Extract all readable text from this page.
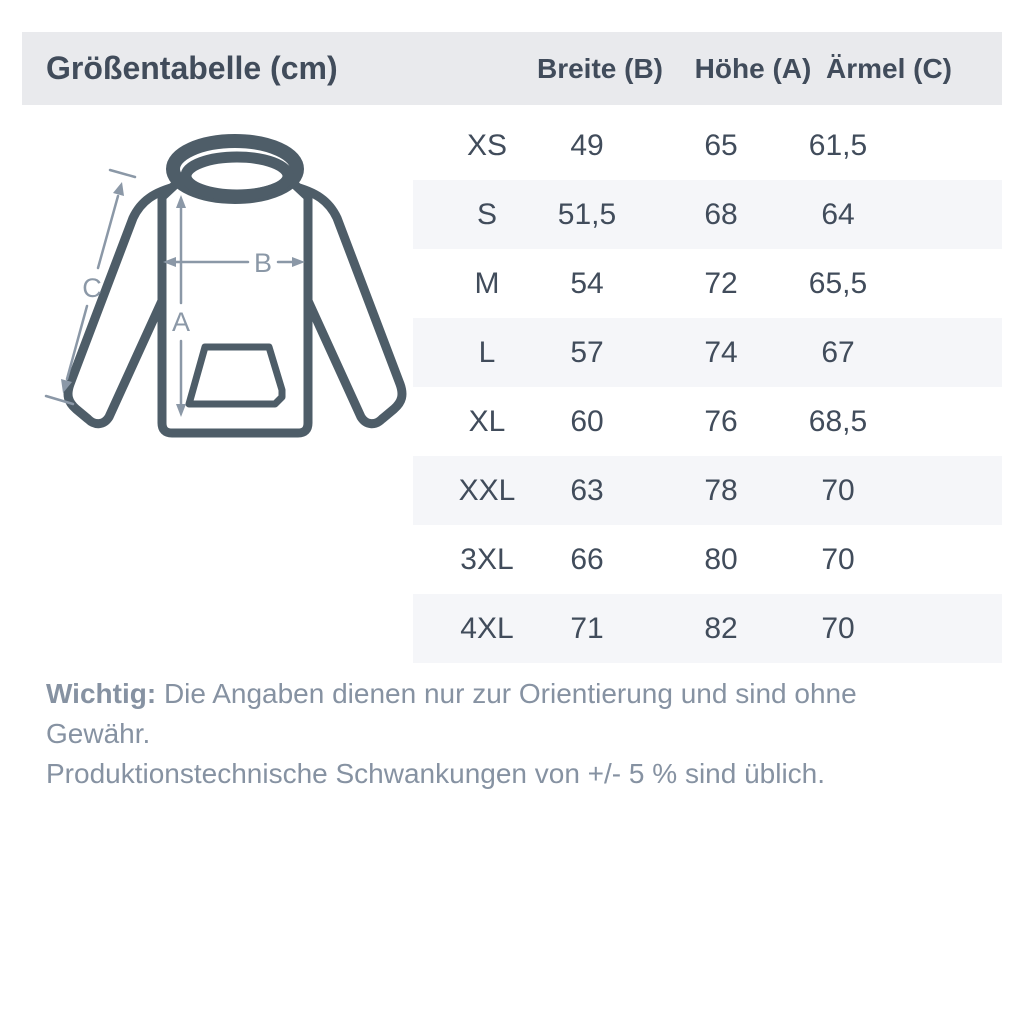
Größentabelle (cm)	Breite (B) Höhe (A) Ärmel (C)
A
B
C
XS 49	65 61,5
S 51,5	68	64
M 54	72 65,5
L 57	74	67
XL 60	76 68,5
XXL 63	78	70
3XL 66	80	70
4XL 71	82	70

Wichtig: Die Angaben dienen nur zur Orientierung und sind ohne Gewähr.
Produktionstechnische Schwankungen von +/- 5 % sind üblich.
